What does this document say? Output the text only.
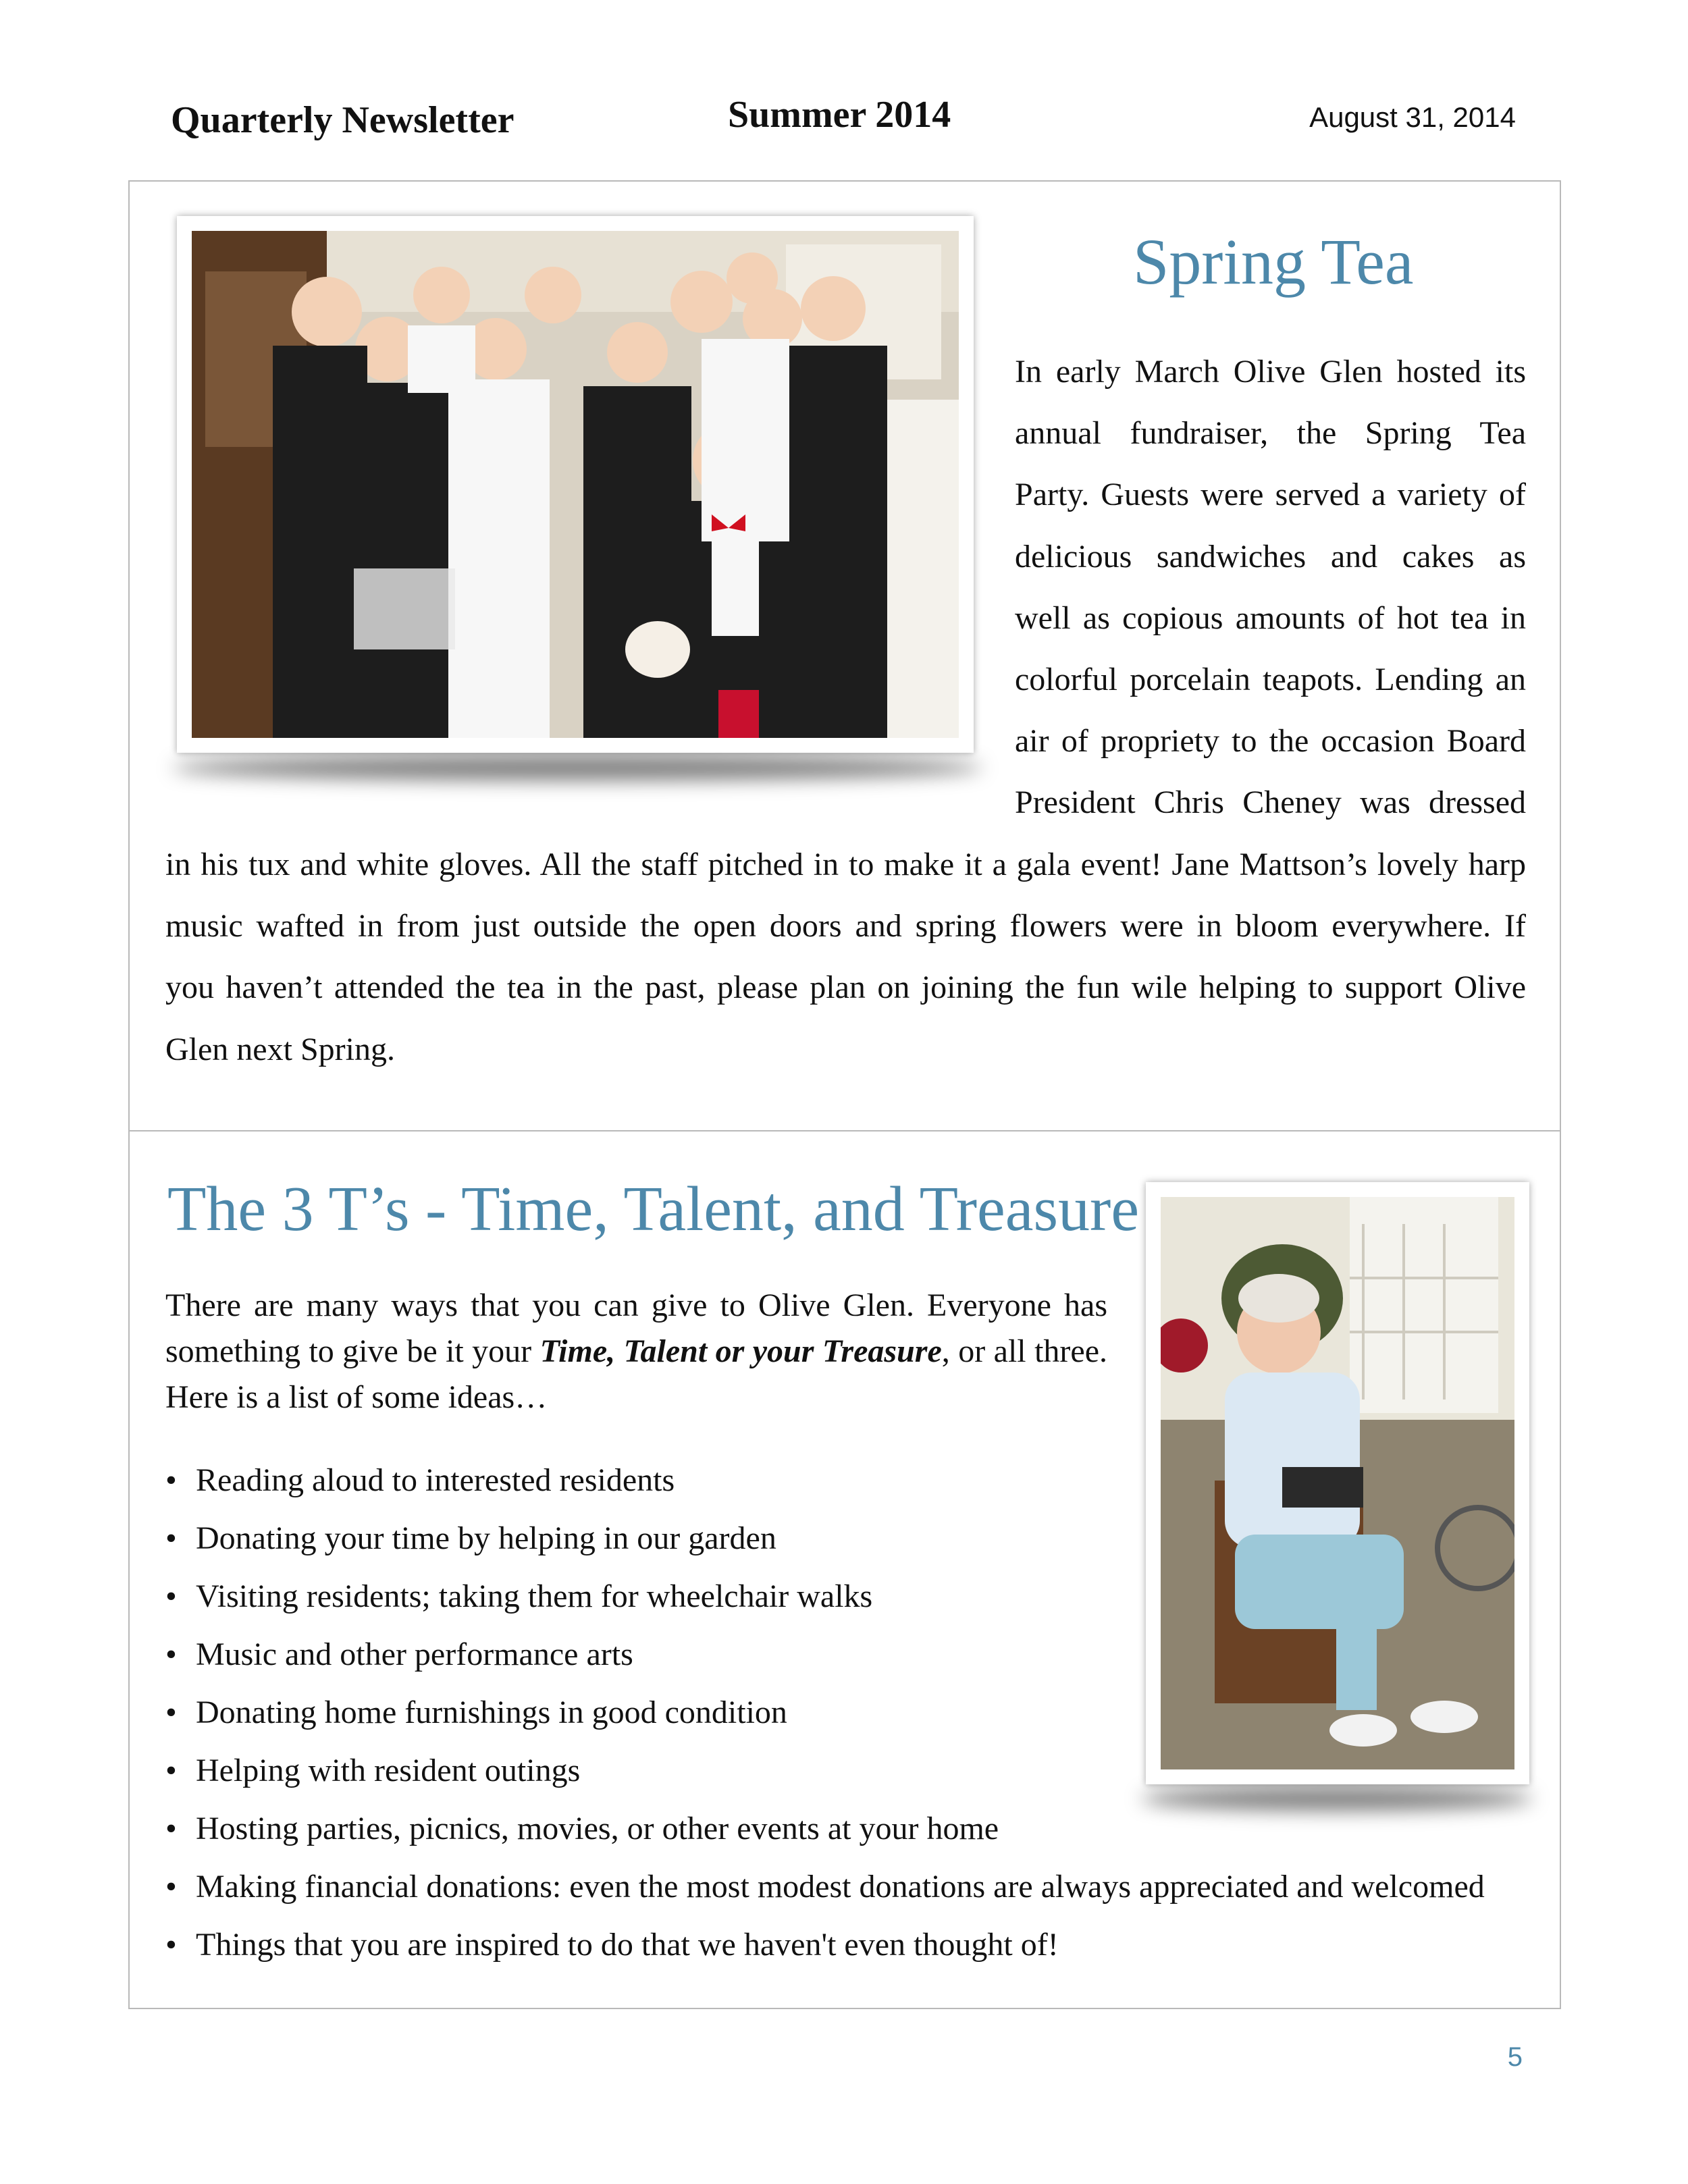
Quarterly Newsletter	Summer 2014	August 31, 2014
Spring Tea
In early March Olive Glen hosted its
annual fundraiser, the Spring Tea
Party. Guests were served a variety of
delicious sandwiches and cakes as
well as copious amounts of hot tea in
colorful porcelain teapots. Lending an
air of propriety to the occasion Board
President Chris Cheney was dressed
in his tux and white gloves. All the staff pitched in to make it a gala event! Jane Mattson’s lovely harp
music wafted in from just outside the open doors and spring flowers were in bloom everywhere. If
you haven’t attended the tea in the past, please plan on joining the fun wile helping to support Olive
Glen next Spring.
The 3 T’s - Time, Talent, and Treasure

There are many ways that you can give to Olive Glen. Everyone has something to give be it your Time, Talent or your Treasure, or all three. Here is a list of some ideas…

• Reading aloud to interested residents
• Donating your time by helping in our garden
• Visiting residents; taking them for wheelchair walks
• Music and other performance arts
• Donating home furnishings in good condition
• Helping with resident outings
• Hosting parties, picnics, movies, or other events at your home
• Making financial donations: even the most modest donations are always appreciated and welcomed
• Things that you are inspired to do that we haven't even thought of!
5
